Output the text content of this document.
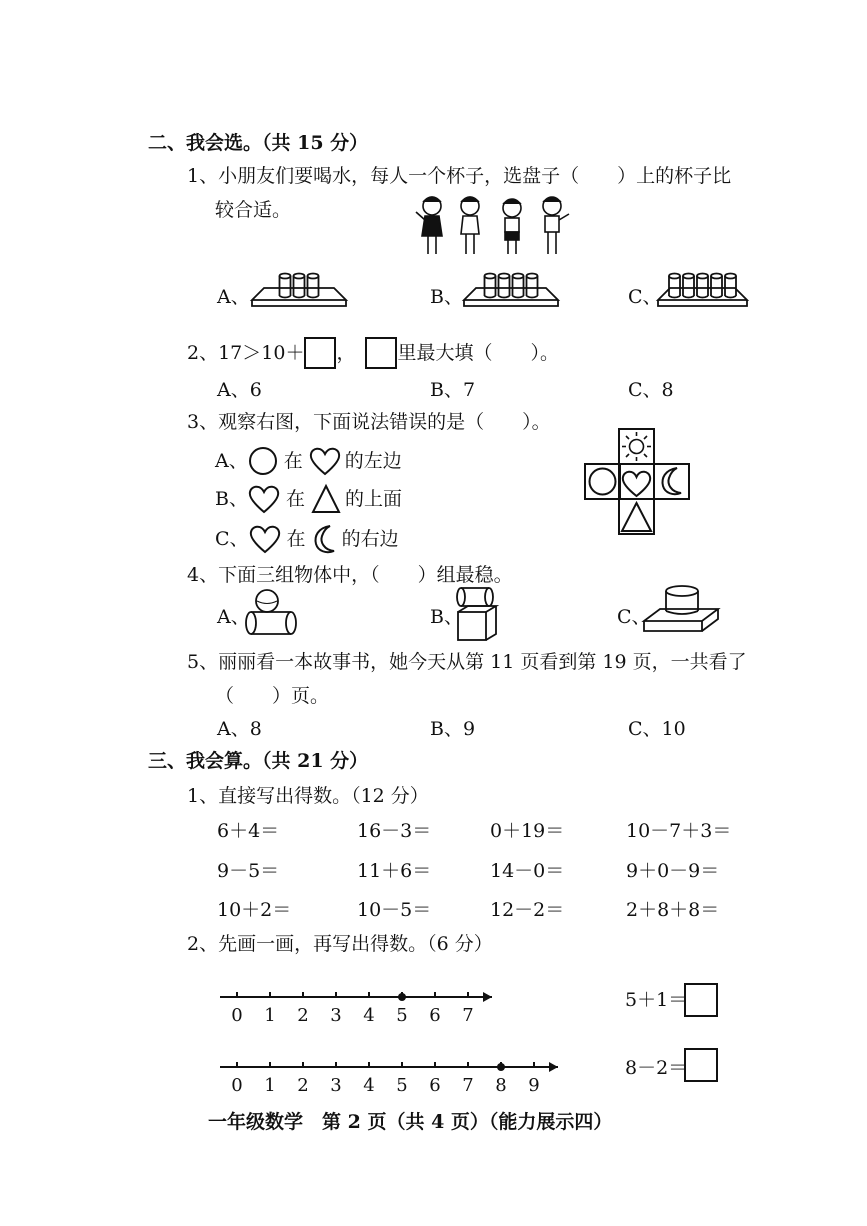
二、我会选。（共 15 分）
1、小朋友们要喝水，每人一个杯子，选盘子（　　）上的杯子比
较合适。
A、	B、	C、
2、17＞10＋ ， 里最大填（　　）。
A、6	B、7	C、8
3、观察右图，下面说法错误的是（　　）。
A、 在 的左边
B、 在 的上面
C、 在 的右边
4、下面三组物体中，（　　）组最稳。
A、	B、	C、
5、丽丽看一本故事书，她今天从第 11 页看到第 19 页，一共看了
（　　）页。
A、8	B、9	C、10
三、我会算。（共 21 分）
1、直接写出得数。（12 分）
6＋4＝	16－3＝	0＋19＝	10－7＋3＝
9－5＝	11＋6＝	14－0＝	9＋0－9＝
10＋2＝	10－5＝	12－2＝	2＋8＋8＝
2、先画一画，再写出得数。（6 分）
0 1 2 3 4 5 6 7
5＋1＝
0 1 2 3 4 5 6 7 8 9
8－2＝
一年级数学　第 2 页（共 4 页）（能力展示四）
